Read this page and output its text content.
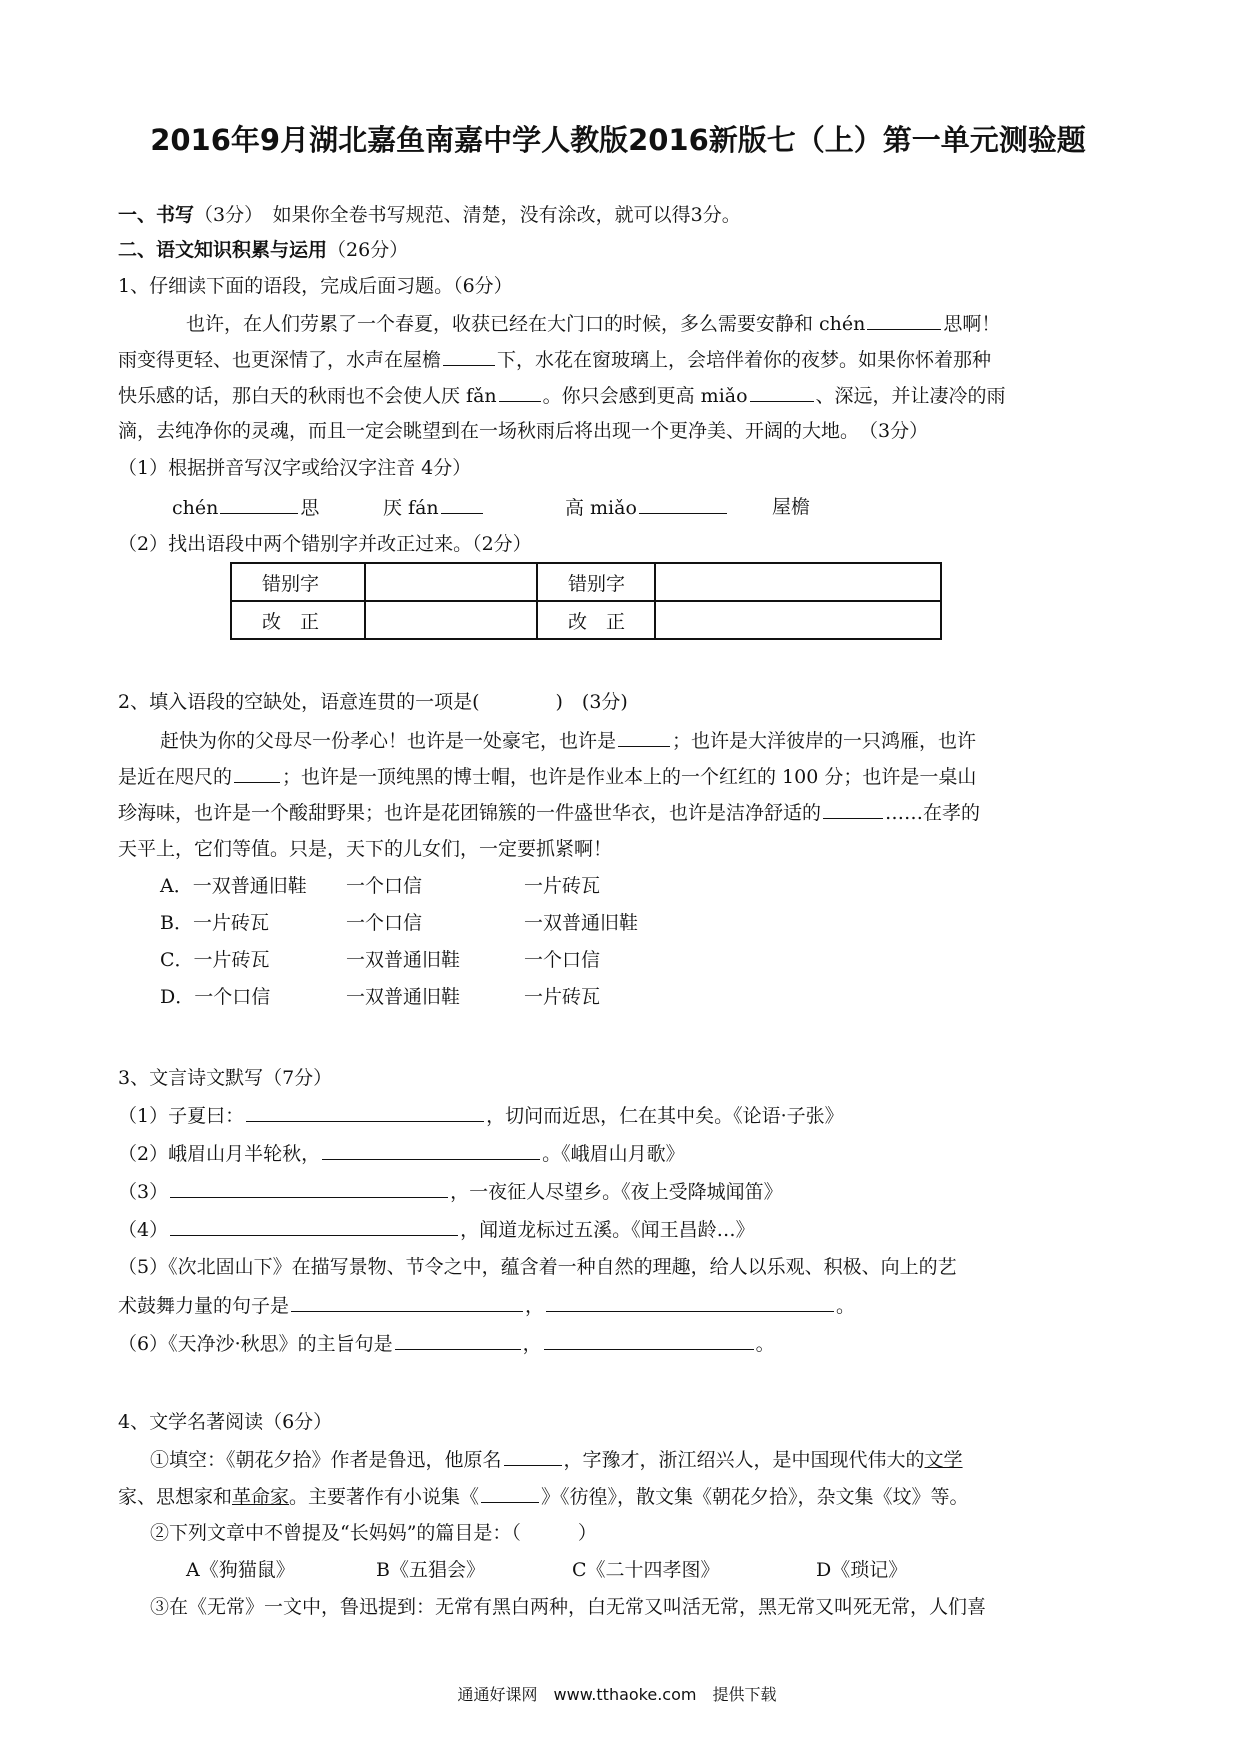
2016年9月湖北嘉鱼南嘉中学人教版2016新版七（上）第一单元测验题
一、书写（3分）　如果你全卷书写规范、清楚，没有涂改，就可以得3分。
二、语文知识积累与运用（26分）
1、仔细读下面的语段，完成后面习题。（6分）
也许，在人们劳累了一个春夏，收获已经在大门口的时候，多么需要安静和 chén	思啊！
雨变得更轻、也更深情了，水声在屋檐	下，水花在窗玻璃上，会培伴着你的夜梦。如果你怀着那种
快乐感的话，那白天的秋雨也不会使人厌 fǎn 。你只会感到更高 miǎo	、深远，并让凄冷的雨
滴，去纯净你的灵魂，而且一定会眺望到在一场秋雨后将出现一个更净美、开阔的大地。　（3分）
（1）根据拼音写汉字或给汉字注音 4分）
chén	思	厌 fán	高 miǎo	屋檐
（2）找出语段中两个错别字并改正过来。（2分）
错别字		错别字	
改　正		改　正	
2、填入语段的空缺处，语意连贯的一项是(　　　　)　(3分)
赶快为你的父母尽一份孝心！也许是一处豪宅，也许是	；也许是大洋彼岸的一只鸿雁，也许
是近在咫尺的	；也许是一顶纯黑的博士帽，也许是作业本上的一个红红的 100 分；也许是一桌山
珍海味，也许是一个酸甜野果；也许是花团锦簇的一件盛世华衣，也许是洁净舒适的	……在孝的
天平上，它们等值。只是，天下的儿女们，一定要抓紧啊！
A．一双普通旧鞋 一个口信	一片砖瓦
B．一片砖瓦	一个口信	一双普通旧鞋
C．一片砖瓦	一双普通旧鞋	一个口信
D．一个口信	一双普通旧鞋	一片砖瓦
3、文言诗文默写（7分）
（1）子夏曰：	，切问而近思，仁在其中矣。《论语·子张》
（2）峨眉山月半轮秋，	。《峨眉山月歌》
（3）	，一夜征人尽望乡。《夜上受降城闻笛》
（4）	，闻道龙标过五溪。《闻王昌龄…》
（5）《次北固山下》在描写景物、节令之中，蕴含着一种自然的理趣，给人以乐观、积极、向上的艺
术鼓舞力量的句子是	，	。
（6）《天净沙·秋思》的主旨句是	，	。
4、文学名著阅读（6分）
①填空：《朝花夕拾》作者是鲁迅，他原名	，字豫才，浙江绍兴人，是中国现代伟大的文学
家、思想家和革命家。主要著作有小说集《	》《彷徨》，散文集《朝花夕拾》，杂文集《坟》等。
②下列文章中不曾提及“长妈妈”的篇目是：（　　　）
A《狗猫鼠》	B《五猖会》	C《二十四孝图》	D《琐记》
③在《无常》一文中，鲁迅提到：无常有黑白两种，白无常又叫活无常，黑无常又叫死无常，人们喜
通通好课网　www.tthaoke.com　提供下载
